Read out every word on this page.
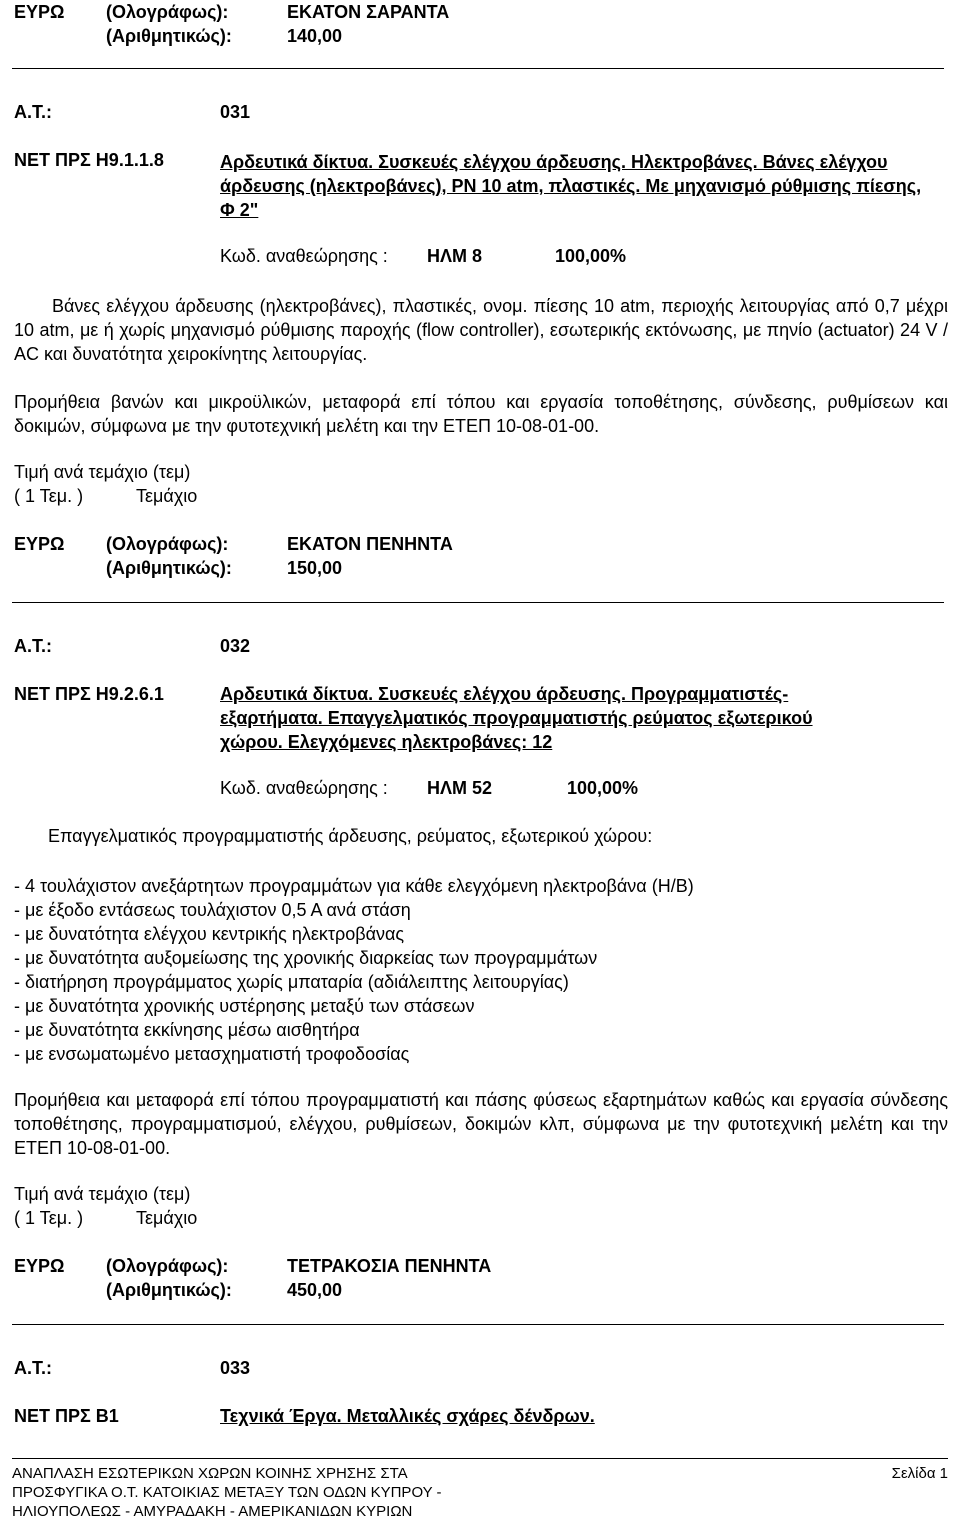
ΕΥΡΩ (Ολογράφως):	ΕΚΑΤΟΝ ΣΑΡΑΝΤΑ
(Αριθμητικώς):	140,00
Α.Τ.:	031
ΝΕΤ ΠΡΣ Η9.1.1.8	Αρδευτικά δίκτυα. Συσκευές ελέγχου άρδευσης. Ηλεκτροβάνες. Βάνες ελέγχου άρδευσης (ηλεκτροβάνες), PN 10 atm, πλαστικές. Με μηχανισμό ρύθμισης πίεσης, Φ 2"
Κωδ. αναθεώρησης : ΗΛΜ 8	100,00%
Βάνες ελέγχου άρδευσης (ηλεκτροβάνες), πλαστικές, ονομ. πίεσης 10 atm, περιοχής λειτουργίας από 0,7 μέχρι 10 atm, με ή χωρίς μηχανισμό ρύθμισης παροχής (flow controller), εσωτερικής εκτόνωσης, με πηνίο (actuator) 24 V / AC και δυνατότητα χειροκίνητης λειτουργίας.
Προμήθεια βανών και μικροϋλικών, μεταφορά επί τόπου και εργασία τοποθέτησης, σύνδεσης, ρυθμίσεων και δοκιμών, σύμφωνα με την φυτοτεχνική μελέτη και την ΕΤΕΠ 10-08-01-00.
Τιμή ανά τεμάχιο (τεμ)
( 1 Τεμ. )	Τεμάχιο
ΕΥΡΩ (Ολογράφως):	ΕΚΑΤΟΝ ΠΕΝΗΝΤΑ
(Αριθμητικώς):	150,00
Α.Τ.:	032
ΝΕΤ ΠΡΣ Η9.2.6.1	Αρδευτικά δίκτυα. Συσκευές ελέγχου άρδευσης. Προγραμματιστές-
εξαρτήματα. Επαγγελματικός προγραμματιστής ρεύματος εξωτερικού
χώρου. Ελεγχόμενες ηλεκτροβάνες: 12
Κωδ. αναθεώρησης : ΗΛΜ 52	100,00%
Επαγγελματικός προγραμματιστής άρδευσης, ρεύματος, εξωτερικού χώρου:
- 4 τουλάχιστον ανεξάρτητων προγραμμάτων για κάθε ελεγχόμενη ηλεκτροβάνα (Η/Β)
- με έξοδο εντάσεως τουλάχιστον 0,5 Α ανά στάση
- με δυνατότητα ελέγχου κεντρικής ηλεκτροβάνας
- με δυνατότητα αυξομείωσης της χρονικής διαρκείας των προγραμμάτων
- διατήρηση προγράμματος χωρίς μπαταρία (αδιάλειπτης λειτουργίας)
- με δυνατότητα χρονικής υστέρησης μεταξύ των στάσεων
- με δυνατότητα εκκίνησης μέσω αισθητήρα
- με ενσωματωμένο μετασχηματιστή τροφοδοσίας
Προμήθεια και μεταφορά επί τόπου προγραμματιστή και πάσης φύσεως εξαρτημάτων καθώς και εργασία σύνδεσης τοποθέτησης, προγραμματισμού, ελέγχου, ρυθμίσεων, δοκιμών κλπ, σύμφωνα με την φυτοτεχνική μελέτη και την ΕΤΕΠ 10-08-01-00.
Τιμή ανά τεμάχιο (τεμ)
( 1 Τεμ. )	Τεμάχιο
ΕΥΡΩ (Ολογράφως):	ΤΕΤΡΑΚΟΣΙΑ ΠΕΝΗΝΤΑ
(Αριθμητικώς):	450,00
Α.Τ.:	033
ΝΕΤ ΠΡΣ Β1	Τεχνικά Έργα. Μεταλλικές σχάρες δένδρων.
ΑΝΑΠΛΑΣΗ ΕΣΩΤΕΡΙΚΩΝ ΧΩΡΩΝ ΚΟΙΝΗΣ ΧΡΗΣΗΣ ΣΤΑ ΠΡΟΣΦΥΓΙΚΑ Ο.Τ. ΚΑΤΟΙΚΙΑΣ ΜΕΤΑΞΥ ΤΩΝ ΟΔΩΝ ΚΥΠΡΟΥ - ΗΛΙΟΥΠΟΛΕΩΣ - ΑΜΥΡΑΔΑΚΗ - ΑΜΕΡΙΚΑΝΙΔΩΝ ΚΥΡΙΩΝ
Σελίδα 1
